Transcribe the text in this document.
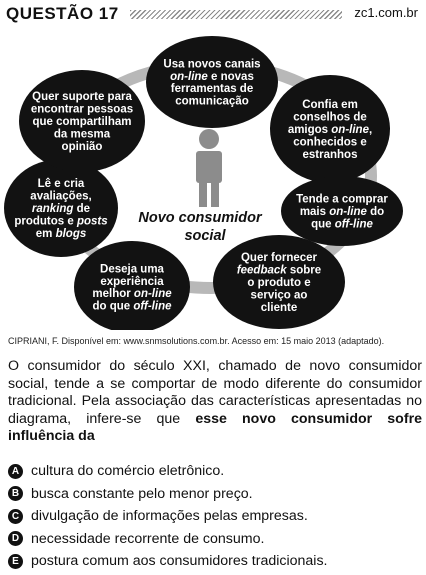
QUESTÃO 17	zc1.com.br
Novo consumidor
social
Usa novos canais
on-line e novas
ferramentas de
comunicação	Confia em
conselhos de
amigos on-line,
conhecidos e
estranhos
Tende a comprar
mais on-line do
que off-line
Quer fornecer
feedback sobre
o produto e
serviço ao
cliente
Deseja uma
experiência
melhor on-line
do que off-line
Lê e cria
avaliações,
ranking de
produtos e posts
em blogs
Quer suporte para
encontrar pessoas
que compartilham
da mesma
opinião
CIPRIANI, F. Disponível em: www.snmsolutions.com.br. Acesso em: 15 maio 2013 (adaptado).

O consumidor do século XXI, chamado de novo consumidor social, tende a se comportar de modo diferente do consumidor tradicional. Pela associação das características apresentadas no diagrama, infere-se que esse novo consumidor sofre influência da

A cultura do comércio eletrônico.
B busca constante pelo menor preço.
C divulgação de informações pelas empresas.
D necessidade recorrente de consumo.
E postura comum aos consumidores tradicionais.
